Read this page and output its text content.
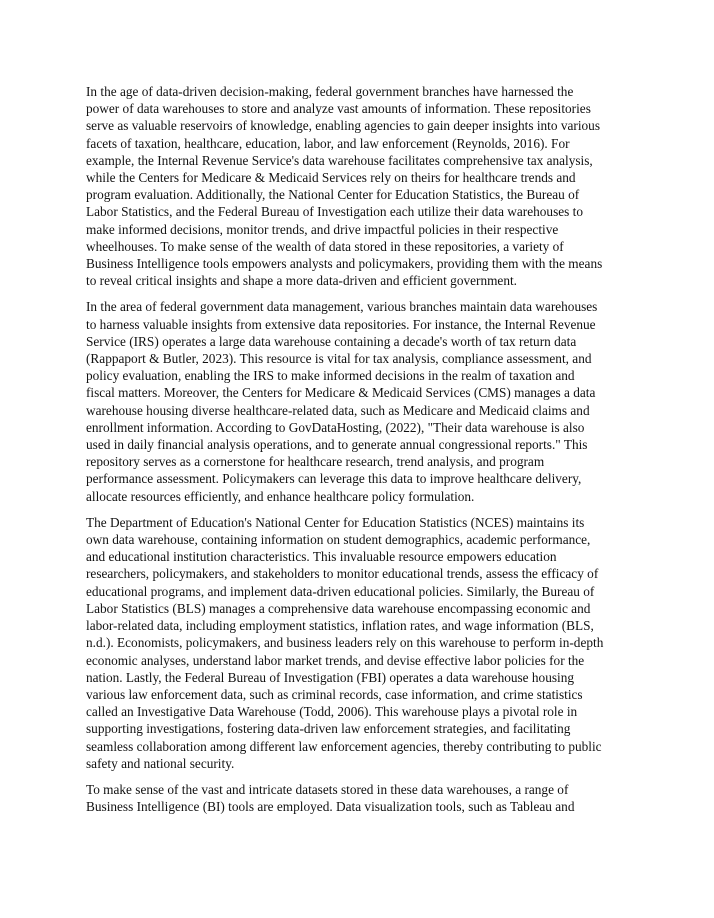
In the age of data-driven decision-making, federal government branches have harnessed the
power of data warehouses to store and analyze vast amounts of information. These repositories
serve as valuable reservoirs of knowledge, enabling agencies to gain deeper insights into various
facets of taxation, healthcare, education, labor, and law enforcement (Reynolds, 2016). For
example, the Internal Revenue Service's data warehouse facilitates comprehensive tax analysis,
while the Centers for Medicare & Medicaid Services rely on theirs for healthcare trends and
program evaluation. Additionally, the National Center for Education Statistics, the Bureau of
Labor Statistics, and the Federal Bureau of Investigation each utilize their data warehouses to
make informed decisions, monitor trends, and drive impactful policies in their respective
wheelhouses. To make sense of the wealth of data stored in these repositories, a variety of
Business Intelligence tools empowers analysts and policymakers, providing them with the means
to reveal critical insights and shape a more data-driven and efficient government.

In the area of federal government data management, various branches maintain data warehouses
to harness valuable insights from extensive data repositories. For instance, the Internal Revenue
Service (IRS) operates a large data warehouse containing a decade's worth of tax return data
(Rappaport & Butler, 2023). This resource is vital for tax analysis, compliance assessment, and
policy evaluation, enabling the IRS to make informed decisions in the realm of taxation and
fiscal matters. Moreover, the Centers for Medicare & Medicaid Services (CMS) manages a data
warehouse housing diverse healthcare-related data, such as Medicare and Medicaid claims and
enrollment information. According to GovDataHosting, (2022), "Their data warehouse is also
used in daily financial analysis operations, and to generate annual congressional reports." This
repository serves as a cornerstone for healthcare research, trend analysis, and program
performance assessment. Policymakers can leverage this data to improve healthcare delivery,
allocate resources efficiently, and enhance healthcare policy formulation.

The Department of Education's National Center for Education Statistics (NCES) maintains its
own data warehouse, containing information on student demographics, academic performance,
and educational institution characteristics. This invaluable resource empowers education
researchers, policymakers, and stakeholders to monitor educational trends, assess the efficacy of
educational programs, and implement data-driven educational policies. Similarly, the Bureau of
Labor Statistics (BLS) manages a comprehensive data warehouse encompassing economic and
labor-related data, including employment statistics, inflation rates, and wage information (BLS,
n.d.). Economists, policymakers, and business leaders rely on this warehouse to perform in-depth
economic analyses, understand labor market trends, and devise effective labor policies for the
nation. Lastly, the Federal Bureau of Investigation (FBI) operates a data warehouse housing
various law enforcement data, such as criminal records, case information, and crime statistics
called an Investigative Data Warehouse (Todd, 2006). This warehouse plays a pivotal role in
supporting investigations, fostering data-driven law enforcement strategies, and facilitating
seamless collaboration among different law enforcement agencies, thereby contributing to public
safety and national security.

To make sense of the vast and intricate datasets stored in these data warehouses, a range of
Business Intelligence (BI) tools are employed. Data visualization tools, such as Tableau and
